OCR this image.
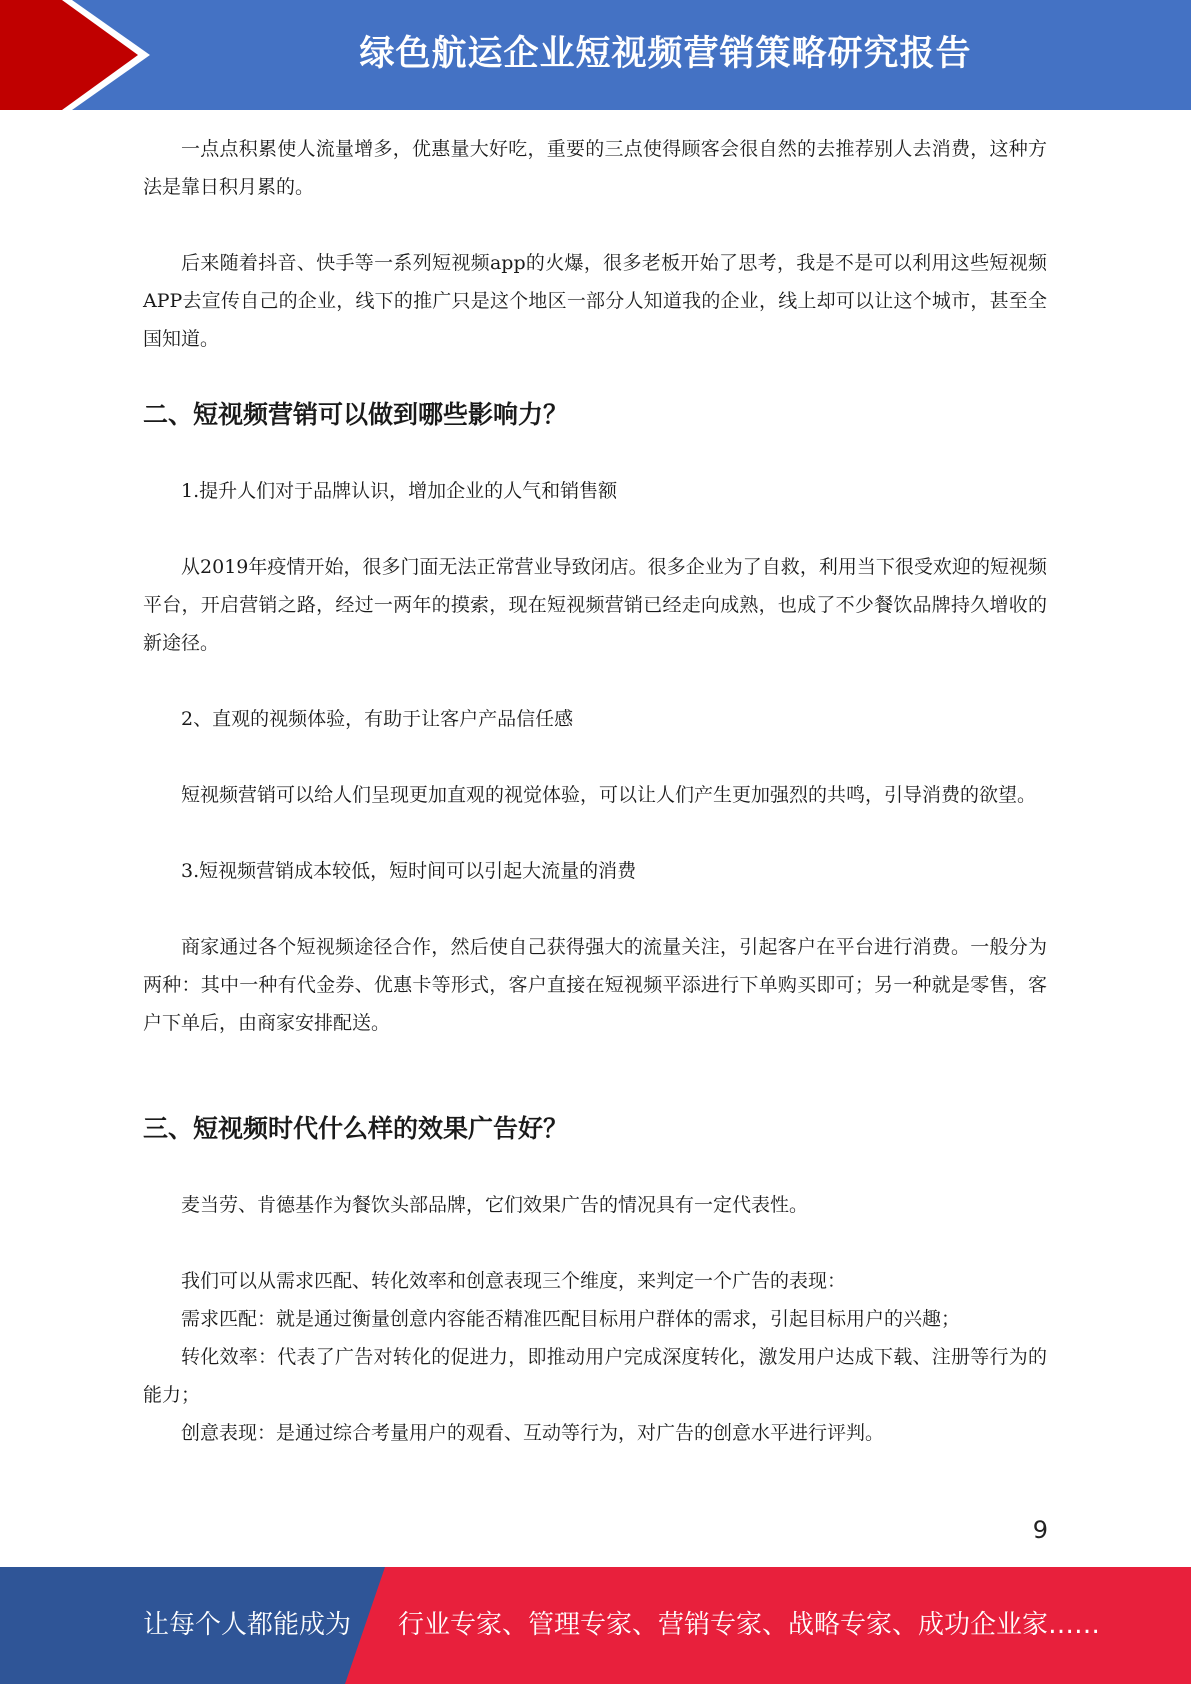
绿色航运企业短视频营销策略研究报告

一点点积累使人流量增多，优惠量大好吃，重要的三点使得顾客会很自然的去推荐别人去消费，这种方法是靠日积月累的。

后来随着抖音、快手等一系列短视频app的火爆，很多老板开始了思考，我是不是可以利用这些短视频APP去宣传自己的企业，线下的推广只是这个地区一部分人知道我的企业，线上却可以让这个城市，甚至全国知道。

二、短视频营销可以做到哪些影响力？

1.提升人们对于品牌认识，增加企业的人气和销售额

从2019年疫情开始，很多门面无法正常营业导致闭店。很多企业为了自救，利用当下很受欢迎的短视频平台，开启营销之路，经过一两年的摸索，现在短视频营销已经走向成熟，也成了不少餐饮品牌持久增收的新途径。

2、直观的视频体验，有助于让客户产品信任感

短视频营销可以给人们呈现更加直观的视觉体验，可以让人们产生更加强烈的共鸣，引导消费的欲望。

3.短视频营销成本较低，短时间可以引起大流量的消费

商家通过各个短视频途径合作，然后使自己获得强大的流量关注，引起客户在平台进行消费。一般分为两种：其中一种有代金券、优惠卡等形式，客户直接在短视频平添进行下单购买即可；另一种就是零售，客户下单后，由商家安排配送。

三、短视频时代什么样的效果广告好？

麦当劳、肯德基作为餐饮头部品牌，它们效果广告的情况具有一定代表性。

我们可以从需求匹配、转化效率和创意表现三个维度，来判定一个广告的表现：

需求匹配：就是通过衡量创意内容能否精准匹配目标用户群体的需求，引起目标用户的兴趣；

转化效率：代表了广告对转化的促进力，即推动用户完成深度转化，激发用户达成下载、注册等行为的能力；

创意表现：是通过综合考量用户的观看、互动等行为，对广告的创意水平进行评判。

9
让每个人都能成为 行业专家、管理专家、营销专家、战略专家、成功企业家……
